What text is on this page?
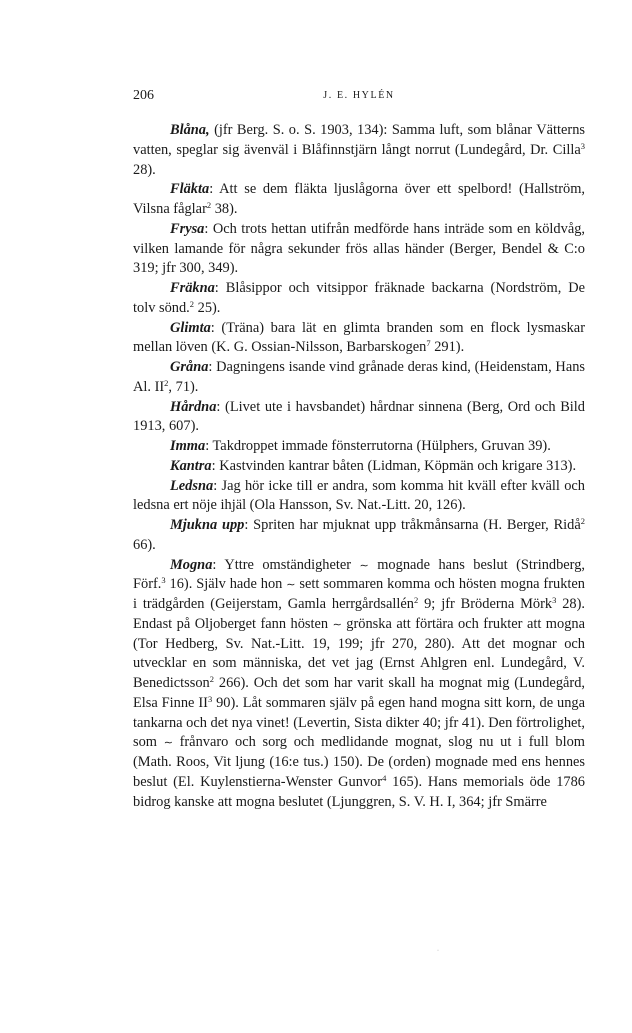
206	J. E. HYLÉN

Blåna, (jfr Berg. S. o. S. 1903, 134): Samma luft, som blånar Vätterns vatten, speglar sig ävenväl i Blåfinnstjärn långt norrut (Lundegård, Dr. Cilla$^3$ 28).

Fläkta: Att se dem fläkta ljuslågorna över ett spelbord! (Hallström, Vilsna fåglar$^2$ 38).

Frysa: Och trots hettan utifrån medförde hans inträde som en köldvåg, vilken lamande för några sekunder frös allas händer (Berger, Bendel & C:o 319; jfr 300, 349).

Fräkna: Blåsippor och vitsippor fräknade backarna (Nordström, De tolv sönd.$^2$ 25).

Glimta: (Träna) bara lät en glimta branden som en flock lysmaskar mellan löven (K. G. Ossian-Nilsson, Barbarskogen$^7$ 291).

Gråna: Dagningens isande vind grånade deras kind, (Heidenstam, Hans Al. $II^2$, 71).

Hårdna: (Livet ute i havsbandet) hårdnar sinnena (Berg, Ord och Bild 1913, 607).

Imma: Takdroppet immade fönsterrutorna (Hülphers, Gruvan 39).

Kantra: Kastvinden kantrar båten (Lidman, Köpmän och krigare 313).

Ledsna: Jag hör icke till er andra, som komma hit kväll efter kväll och ledsna ert nöje ihjäl (Ola Hansson, Sv. Nat.-Litt. 20, 126).

Mjukna upp: Spriten har mjuknat upp tråkmånsarna (H. Berger, Ridå$^2$ 66).

Mogna: Yttre omständigheter ∼ mognade hans beslut (Strindberg, Förf.$^3$ 16). Själv hade hon ∼ sett sommaren komma och hösten mogna frukten i trädgården (Geijerstam, Gamla herrgårdsallén$^2$ 9; jfr Bröderna Mörk$^3$ 28). Endast på Oljoberget fann hösten ∼ grönska att förtära och frukter att mogna (Tor Hedberg, Sv. Nat.-Litt. 19, 199; jfr 270, 280). Att det mognar och utvecklar en som människa, det vet jag (Ernst Ahlgren enl. Lundegård, V. Benedictsson$^2$ 266). Och det som har varit skall ha mognat mig (Lundegård, Elsa Finne $II^3$ 90). Låt sommaren själv på egen hand mogna sitt korn, de unga tankarna och det nya vinet! (Levertin, Sista dikter 40; jfr 41). Den förtrolighet, som ∼ frånvaro och sorg och medlidande mognat, slog nu ut i full blom (Math. Roos, Vit ljung (16:e tus.) 150). De (orden) mognade med ens hennes beslut (El. Kuylenstierna-Wenster Gunvor$^4$ 165). Hans memorials öde 1786 bidrog kanske att mogna beslutet (Ljunggren, S. V. H. I, 364; jfr Smärre

·
